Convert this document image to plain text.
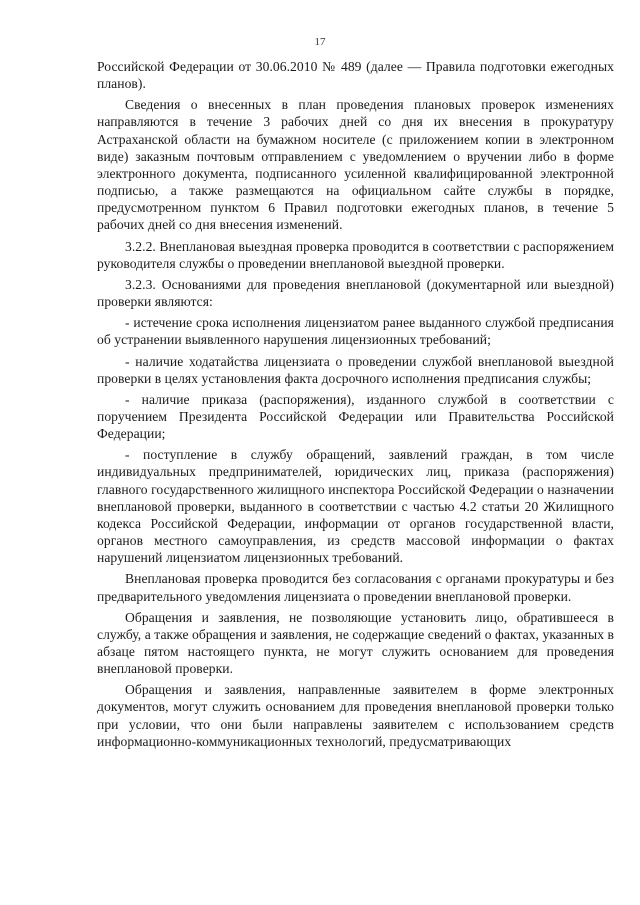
17

Российской Федерации от 30.06.2010 № 489 (далее — Правила подготовки ежегодных планов).

Сведения о внесенных в план проведения плановых проверок изменениях направляются в течение 3 рабочих дней со дня их внесения в прокуратуру Астраханской области на бумажном носителе (с приложением копии в электронном виде) заказным почтовым отправлением с уведомлением о вручении либо в форме электронного документа, подписанного усиленной квалифицированной электронной подписью, а также размещаются на официальном сайте службы в порядке, предусмотренном пунктом 6 Правил подготовки ежегодных планов, в течение 5 рабочих дней со дня внесения изменений.

3.2.2. Внеплановая выездная проверка проводится в соответствии с распоряжением руководителя службы о проведении внеплановой выездной проверки.

3.2.3. Основаниями для проведения внеплановой (документарной или выездной) проверки являются:

- истечение срока исполнения лицензиатом ранее выданного службой предписания об устранении выявленного нарушения лицензионных требований;

- наличие ходатайства лицензиата о проведении службой внеплановой выездной проверки в целях установления факта досрочного исполнения предписания службы;

- наличие приказа (распоряжения), изданного службой в соответствии с поручением Президента Российской Федерации или Правительства Российской Федерации;

- поступление в службу обращений, заявлений граждан, в том числе индивидуальных предпринимателей, юридических лиц, приказа (распоряжения) главного государственного жилищного инспектора Российской Федерации о назначении внеплановой проверки, выданного в соответствии с частью 4.2 статьи 20 Жилищного кодекса Российской Федерации, информации от органов государственной власти, органов местного самоуправления, из средств массовой информации о фактах нарушений лицензиатом лицензионных требований.

Внеплановая проверка проводится без согласования с органами прокуратуры и без предварительного уведомления лицензиата о проведении внеплановой проверки.

Обращения и заявления, не позволяющие установить лицо, обратившееся в службу, а также обращения и заявления, не содержащие сведений о фактах, указанных в абзаце пятом настоящего пункта, не могут служить основанием для проведения внеплановой проверки.

Обращения и заявления, направленные заявителем в форме электронных документов, могут служить основанием для проведения внеплановой проверки только при условии, что они были направлены заявителем с использованием средств информационно-коммуникационных технологий, предусматривающих
